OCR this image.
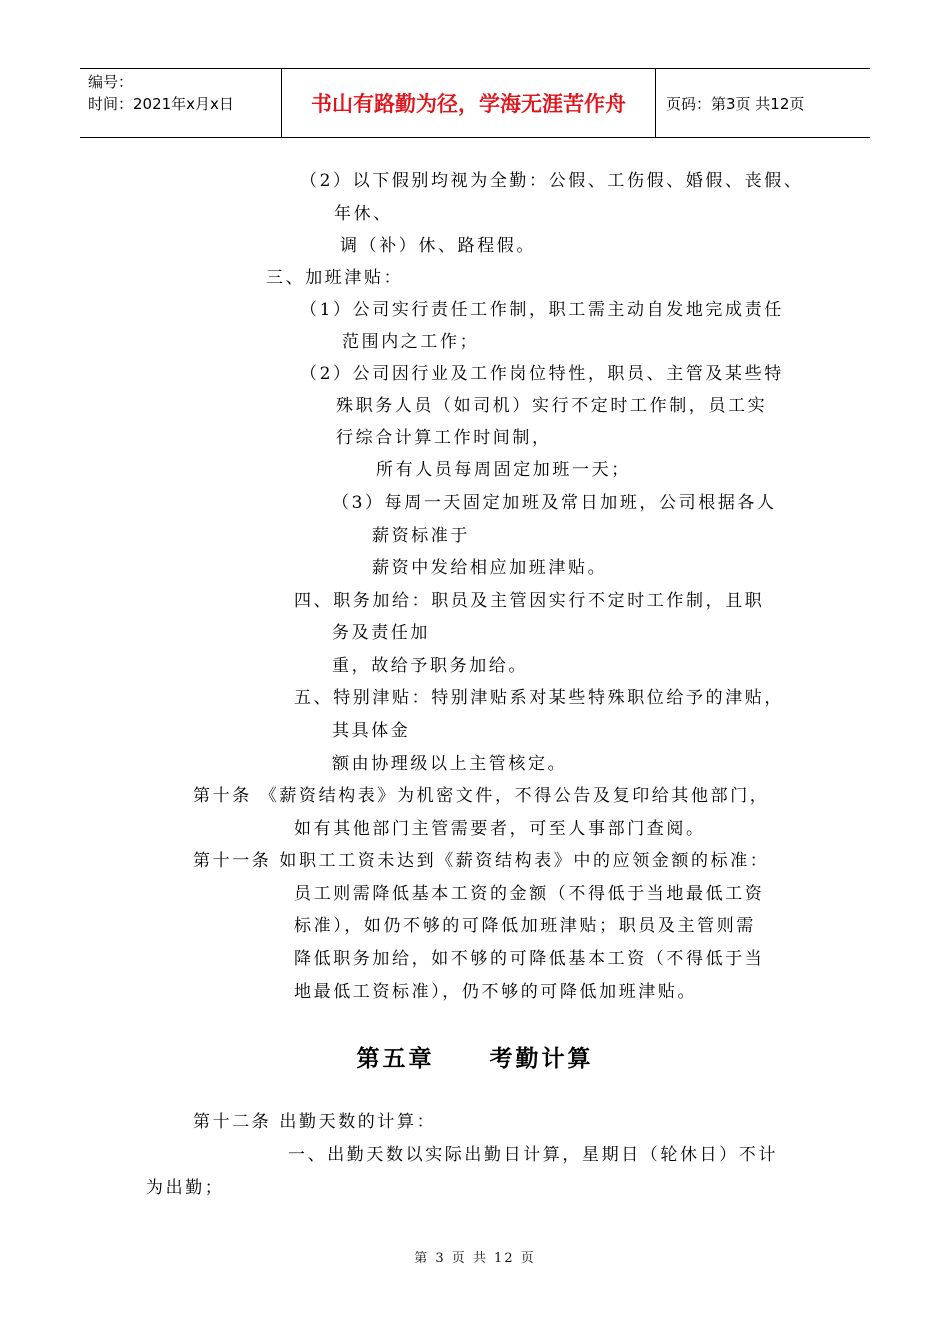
编号：
时间：2021年x月x日	书山有路勤为径，学海无涯苦作舟	页码：第3页 共12页
（2）以下假别均视为全勤：公假、工伤假、婚假、丧假、
年休、
调（补）休、路程假。
三、加班津贴：
（1）公司实行责任工作制，职工需主动自发地完成责任
范围内之工作；
（2）公司因行业及工作岗位特性，职员、主管及某些特
殊职务人员（如司机）实行不定时工作制，员工实
行综合计算工作时间制，
所有人员每周固定加班一天；
（3）每周一天固定加班及常日加班，公司根据各人
薪资标准于
薪资中发给相应加班津贴。
四、职务加给：职员及主管因实行不定时工作制，且职
务及责任加
重，故给予职务加给。
五、特别津贴：特别津贴系对某些特殊职位给予的津贴，
其具体金
额由协理级以上主管核定。
第十条 《薪资结构表》为机密文件，不得公告及复印给其他部门，
如有其他部门主管需要者，可至人事部门查阅。
第十一条 如职工工资未达到《薪资结构表》中的应领金额的标准：
员工则需降低基本工资的金额（不得低于当地最低工资
标准），如仍不够的可降低加班津贴；职员及主管则需
降低职务加给，如不够的可降低基本工资（不得低于当
地最低工资标准），仍不够的可降低加班津贴。
第五章     考勤计算
第十二条 出勤天数的计算：
一、出勤天数以实际出勤日计算，星期日（轮休日）不计
为出勤；
第 3 页 共 12 页
